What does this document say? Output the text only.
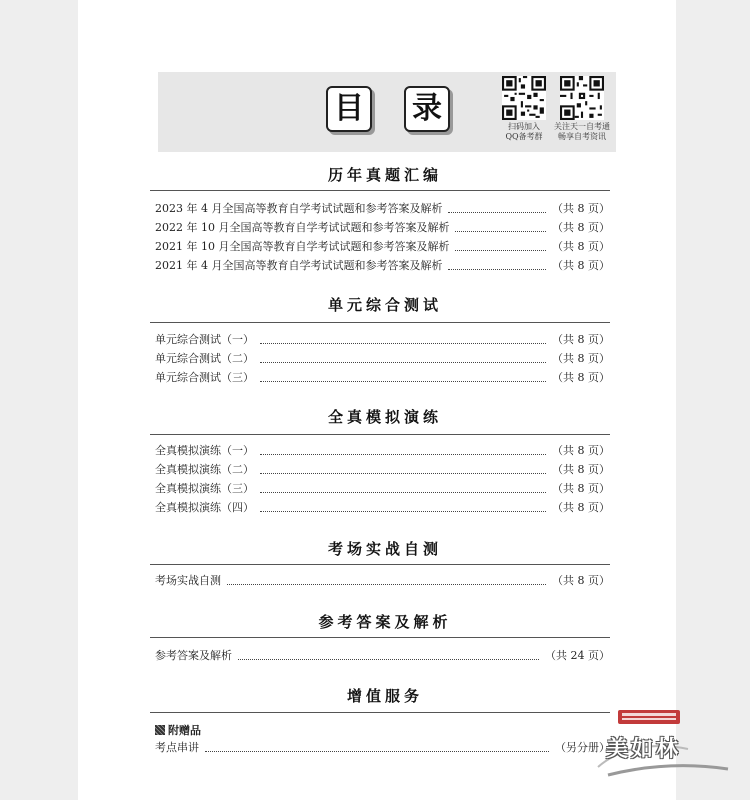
目 录
扫码加入
QQ备考群
关注天一自考通
畅享自考资讯
历年真题汇编
2023 年 4 月全国高等教育自学考试试题和参考答案及解析	（共 8 页）
2022 年 10 月全国高等教育自学考试试题和参考答案及解析	（共 8 页）
2021 年 10 月全国高等教育自学考试试题和参考答案及解析	（共 8 页）
2021 年 4 月全国高等教育自学考试试题和参考答案及解析	（共 8 页）
单元综合测试
单元综合测试（一）	（共 8 页）
单元综合测试（二）	（共 8 页）
单元综合测试（三）	（共 8 页）
全真模拟演练
全真模拟演练（一）	（共 8 页）
全真模拟演练（二）	（共 8 页）
全真模拟演练（三）	（共 8 页）
全真模拟演练（四）	（共 8 页）
考场实战自测
考场实战自测	（共 8 页）
参考答案及解析
参考答案及解析	（共 24 页）
增值服务
附赠品
考点串讲	（另分册）
美如林
